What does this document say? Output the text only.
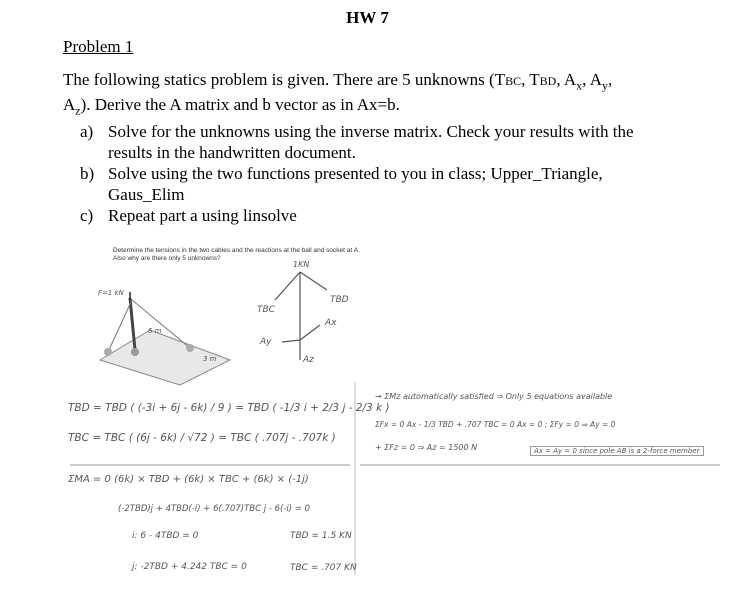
HW 7
Problem 1
The following statics problem is given. There are 5 unknowns (TBC, TBD, $A_x$, $A_y$,
$A_z$). Derive the A matrix and b vector as in Ax=b.
a) Solve for the unknowns using the inverse matrix. Check your results with the results in the handwritten document.
b) Solve using the two functions presented to you in class; Upper_Triangle, Gaus_Elim
c) Repeat part a using linsolve
Determine the tensions in the two cables and the reactions at the ball and socket at A.
Also why are there only 5 unknowns?
F=1 kN
6 m
3 m
1KN
TBD
TBC
Ay
Ax
Az
TBD = TBD ( (-3i + 6j - 6k) / 9 ) = TBD ( -1/3 i + 2/3 j - 2/3 k )
TBC = TBC ( (6j - 6k) / √72 ) = TBC ( .707j - .707k )
ΣMA = 0 (6k) × TBD + (6k) × TBC + (6k) × (-1j)
(-2TBD)j + 4TBD(-i) + 6(.707)TBC j - 6(-i) = 0
i: 6 - 4TBD = 0
j: -2TBD + 4.242 TBC = 0
TBD = 1.5 KN
TBC = .707 KN
→ ΣMz automatically satisfied ⇒ Only 5 equations available
ΣFx = 0 Ax - 1/3 TBD + .707 TBC = 0 Ax = 0 ; ΣFy = 0 ⇒ Ay = 0
+ ΣFz = 0 ⇒ Az = 1500 N	Ax = Ay = 0 since pole AB is a 2-force member
